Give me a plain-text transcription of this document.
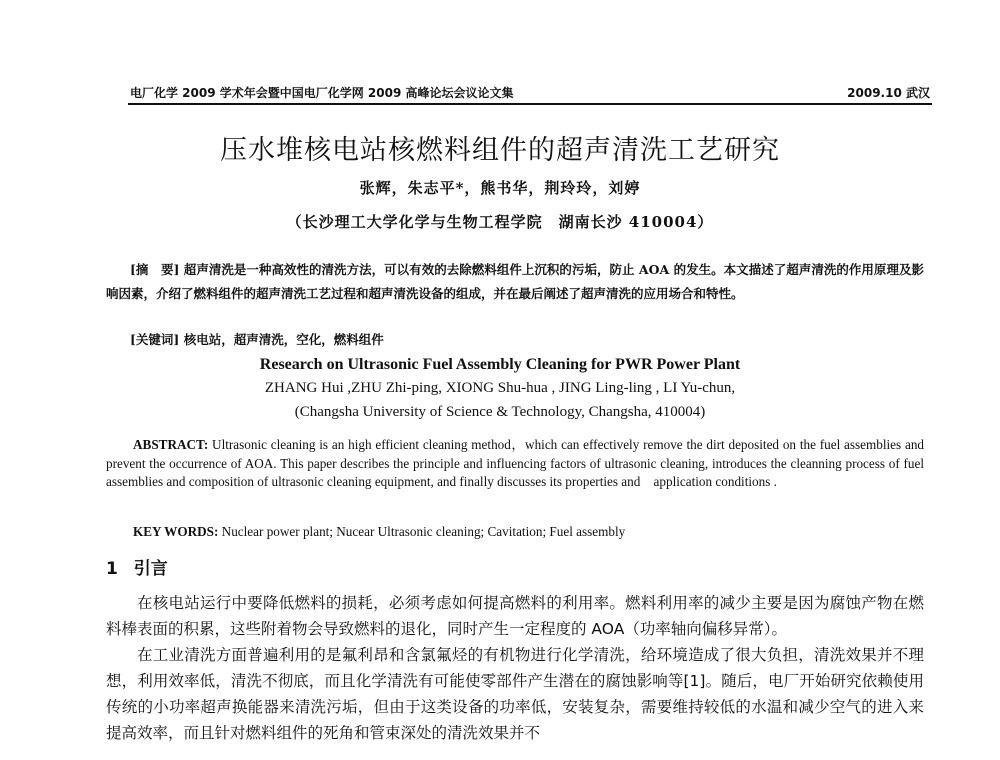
电厂化学 2009 学术年会暨中国电厂化学网 2009 高峰论坛会议论文集	2009.10 武汉
压水堆核电站核燃料组件的超声清洗工艺研究
张辉，朱志平*，熊书华，荆玲玲，刘婷
（长沙理工大学化学与生物工程学院　湖南长沙 410004）
[摘　要] 超声清洗是一种高效性的清洗方法，可以有效的去除燃料组件上沉积的污垢，防止 AOA 的发生。本文描述了超声清洗的作用原理及影响因素，介绍了燃料组件的超声清洗工艺过程和超声清洗设备的组成，并在最后阐述了超声清洗的应用场合和特性。
[关键词] 核电站，超声清洗，空化，燃料组件
Research on Ultrasonic Fuel Assembly Cleaning for PWR Power Plant
ZHANG Hui ,ZHU Zhi-ping, XIONG Shu-hua , JING Ling-ling , LI Yu-chun,
(Changsha University of Science & Technology, Changsha, 410004)
ABSTRACT: Ultrasonic cleaning is an high efficient cleaning method，which can effectively remove the dirt deposited on the fuel assemblies and prevent the occurrence of AOA. This paper describes the principle and influencing factors of ultrasonic cleaning, introduces the cleanning process of fuel assemblies and composition of ultrasonic cleaning equipment, and finally discusses its properties and　application conditions .
KEY WORDS: Nuclear power plant; Nucear Ultrasonic cleaning; Cavitation; Fuel assembly
1 引言

在核电站运行中要降低燃料的损耗，必须考虑如何提高燃料的利用率。燃料利用率的减少主要是因为腐蚀产物在燃料棒表面的积累，这些附着物会导致燃料的退化，同时产生一定程度的 AOA（功率轴向偏移异常）。

在工业清洗方面普遍利用的是氟利昂和含氯氟烃的有机物进行化学清洗，给环境造成了很大负担，清洗效果并不理想，利用效率低，清洗不彻底，而且化学清洗有可能使零部件产生潜在的腐蚀影响等[1]。随后，电厂开始研究依赖使用传统的小功率超声换能器来清洗污垢，但由于这类设备的功率低，安装复杂，需要维持较低的水温和减少空气的进入来提高效率，而且针对燃料组件的死角和管束深处的清洗效果并不
